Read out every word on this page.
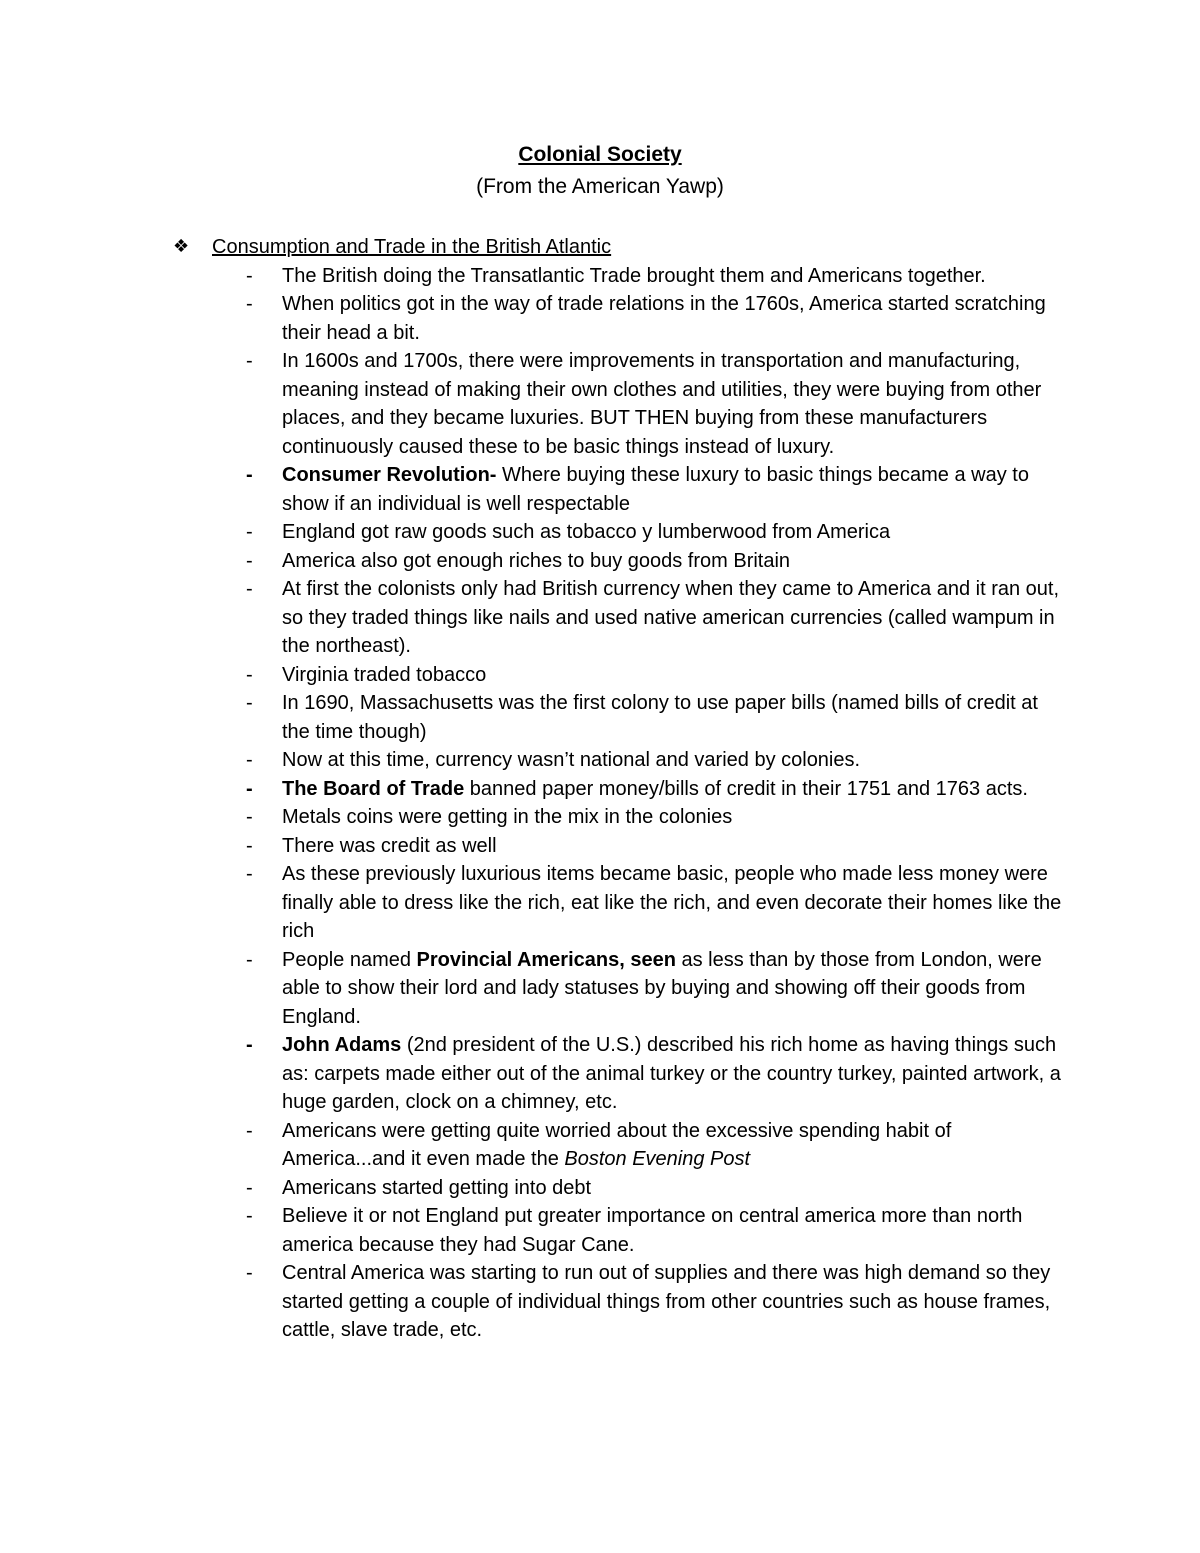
Colonial Society
(From the American Yawp)
❖ Consumption and Trade in the British Atlantic
- The British doing the Transatlantic Trade brought them and Americans together.
- When politics got in the way of trade relations in the 1760s, America started scratching their head a bit.
- In 1600s and 1700s, there were improvements in transportation and manufacturing, meaning instead of making their own clothes and utilities, they were buying from other places, and they became luxuries. BUT THEN buying from these manufacturers continuously caused these to be basic things instead of luxury.
- Consumer Revolution- Where buying these luxury to basic things became a way to show if an individual is well respectable
- England got raw goods such as tobacco y lumberwood from America
- America also got enough riches to buy goods from Britain
- At first the colonists only had British currency when they came to America and it ran out, so they traded things like nails and used native american currencies (called wampum in the northeast).
- Virginia traded tobacco
- In 1690, Massachusetts was the first colony to use paper bills (named bills of credit at the time though)
- Now at this time, currency wasn’t national and varied by colonies.
- The Board of Trade banned paper money/bills of credit in their 1751 and 1763 acts.
- Metals coins were getting in the mix in the colonies
- There was credit as well
- As these previously luxurious items became basic, people who made less money were finally able to dress like the rich, eat like the rich, and even decorate their homes like the rich
- People named Provincial Americans, seen as less than by those from London, were able to show their lord and lady statuses by buying and showing off their goods from England.
- John Adams (2nd president of the U.S.) described his rich home as having things such as: carpets made either out of the animal turkey or the country turkey, painted artwork, a huge garden, clock on a chimney, etc.
- Americans were getting quite worried about the excessive spending habit of America...and it even made the Boston Evening Post
- Americans started getting into debt
- Believe it or not England put greater importance on central america more than north america because they had Sugar Cane.
- Central America was starting to run out of supplies and there was high demand so they started getting a couple of individual things from other countries such as house frames, cattle, slave trade, etc.
